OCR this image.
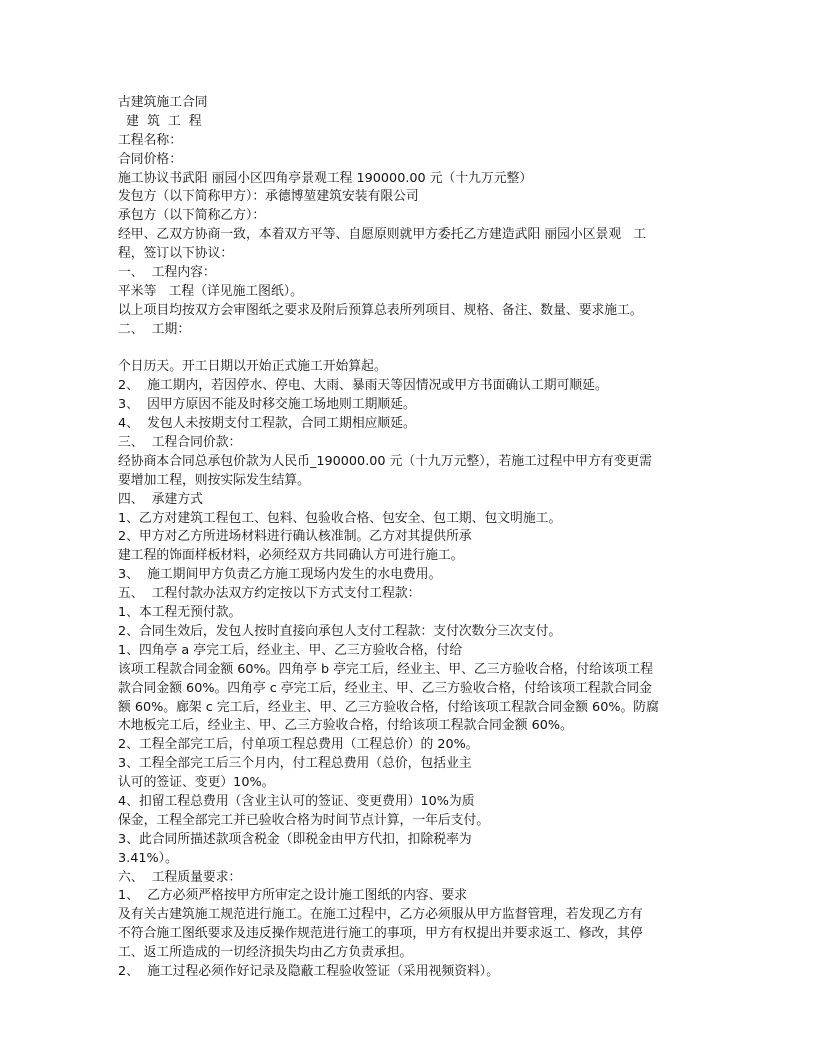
古建筑施工合同
建  筑  工  程
工程名称：
合同价格：
施工协议书武阳 丽园小区四角亭景观工程 190000.00 元（十九万元整）
发包方（以下简称甲方）：承德博堃建筑安装有限公司
承包方（以下简称乙方）：
经甲、乙双方协商一致，本着双方平等、自愿原则就甲方委托乙方建造武阳 丽园小区景观   工
程，签订以下协议：
一、  工程内容：
平米等   工程（详见施工图纸）。
以上项目均按双方会审图纸之要求及附后预算总表所列项目、规格、备注、数量、要求施工。
二、  工期：

个日历天。开工日期以开始正式施工开始算起。
2、  施工期内，若因停水、停电、大雨、暴雨天等因情况或甲方书面确认工期可顺延。
3、  因甲方原因不能及时移交施工场地则工期顺延。
4、  发包人未按期支付工程款，合同工期相应顺延。
三、  工程合同价款：
经协商本合同总承包价款为人民币_190000.00 元（十九万元整），若施工过程中甲方有变更需
要增加工程，则按实际发生结算。
四、  承建方式
1、乙方对建筑工程包工、包料、包验收合格、包安全、包工期、包文明施工。
2、甲方对乙方所进场材料进行确认核准制。乙方对其提供所承
建工程的饰面样板材料，必须经双方共同确认方可进行施工。
3、  施工期间甲方负责乙方施工现场内发生的水电费用。
五、  工程付款办法双方约定按以下方式支付工程款：
1、本工程无预付款。
2、合同生效后，发包人按时直接向承包人支付工程款：支付次数分三次支付。
1、四角亭 a 亭完工后，经业主、甲、乙三方验收合格，付给
该项工程款合同金额 60%。四角亭 b 亭完工后，经业主、甲、乙三方验收合格，付给该项工程
款合同金额 60%。四角亭 c 亭完工后，经业主、甲、乙三方验收合格，付给该项工程款合同金
额 60%。廊架 c 完工后，经业主、甲、乙三方验收合格，付给该项工程款合同金额 60%。防腐
木地板完工后，经业主、甲、乙三方验收合格，付给该项工程款合同金额 60%。
2、工程全部完工后，付单项工程总费用（工程总价）的 20%。
3、工程全部完工后三个月内，付工程总费用（总价，包括业主
认可的签证、变更）10%。
4、扣留工程总费用（含业主认可的签证、变更费用）10%为质
保金，工程全部完工并已验收合格为时间节点计算，一年后支付。
3、此合同所描述款项含税金（即税金由甲方代扣，扣除税率为
3.41%）。
六、  工程质量要求：
1、  乙方必须严格按甲方所审定之设计施工图纸的内容、要求
及有关古建筑施工规范进行施工。在施工过程中，乙方必须服从甲方监督管理，若发现乙方有
不符合施工图纸要求及违反操作规范进行施工的事项，甲方有权提出并要求返工、修改，其停
工、返工所造成的一切经济损失均由乙方负责承担。
2、  施工过程必须作好记录及隐蔽工程验收签证（采用视频资料）。
